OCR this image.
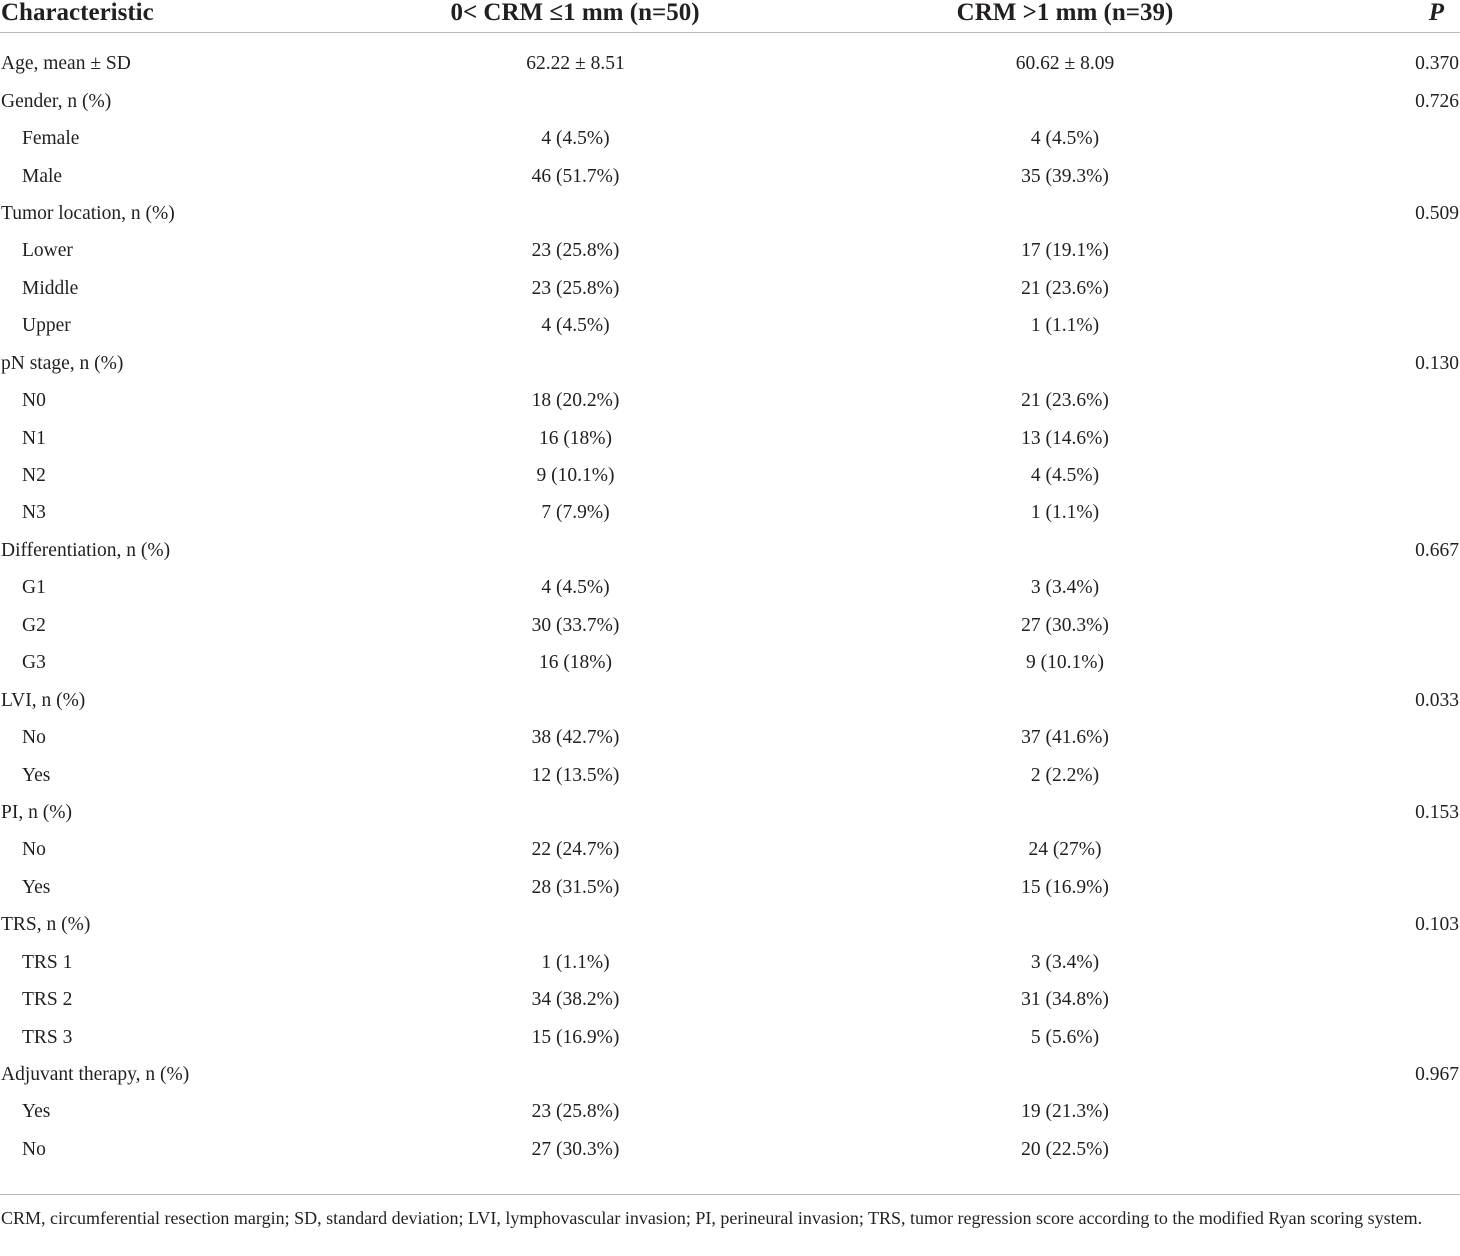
Characteristic	0< CRM ≤1 mm (n=50)	CRM >1 mm (n=39)	P
Age, mean ± SD	62.22 ± 8.51	60.62 ± 8.09	0.370
Gender, n (%)			0.726
Female	4 (4.5%)	4 (4.5%)	
Male	46 (51.7%)	35 (39.3%)	
Tumor location, n (%)			0.509
Lower	23 (25.8%)	17 (19.1%)	
Middle	23 (25.8%)	21 (23.6%)	
Upper	4 (4.5%)	1 (1.1%)	
pN stage, n (%)			0.130
N0	18 (20.2%)	21 (23.6%)	
N1	16 (18%)	13 (14.6%)	
N2	9 (10.1%)	4 (4.5%)	
N3	7 (7.9%)	1 (1.1%)	
Differentiation, n (%)			0.667
G1	4 (4.5%)	3 (3.4%)	
G2	30 (33.7%)	27 (30.3%)	
G3	16 (18%)	9 (10.1%)	
LVI, n (%)			0.033
No	38 (42.7%)	37 (41.6%)	
Yes	12 (13.5%)	2 (2.2%)	
PI, n (%)			0.153
No	22 (24.7%)	24 (27%)	
Yes	28 (31.5%)	15 (16.9%)	
TRS, n (%)			0.103
TRS 1	1 (1.1%)	3 (3.4%)	
TRS 2	34 (38.2%)	31 (34.8%)	
TRS 3	15 (16.9%)	5 (5.6%)	
Adjuvant therapy, n (%)			0.967
Yes	23 (25.8%)	19 (21.3%)	
No	27 (30.3%)	20 (22.5%)	
CRM, circumferential resection margin; SD, standard deviation; LVI, lymphovascular invasion; PI, perineural invasion; TRS, tumor regression score according to the modified Ryan scoring system.
